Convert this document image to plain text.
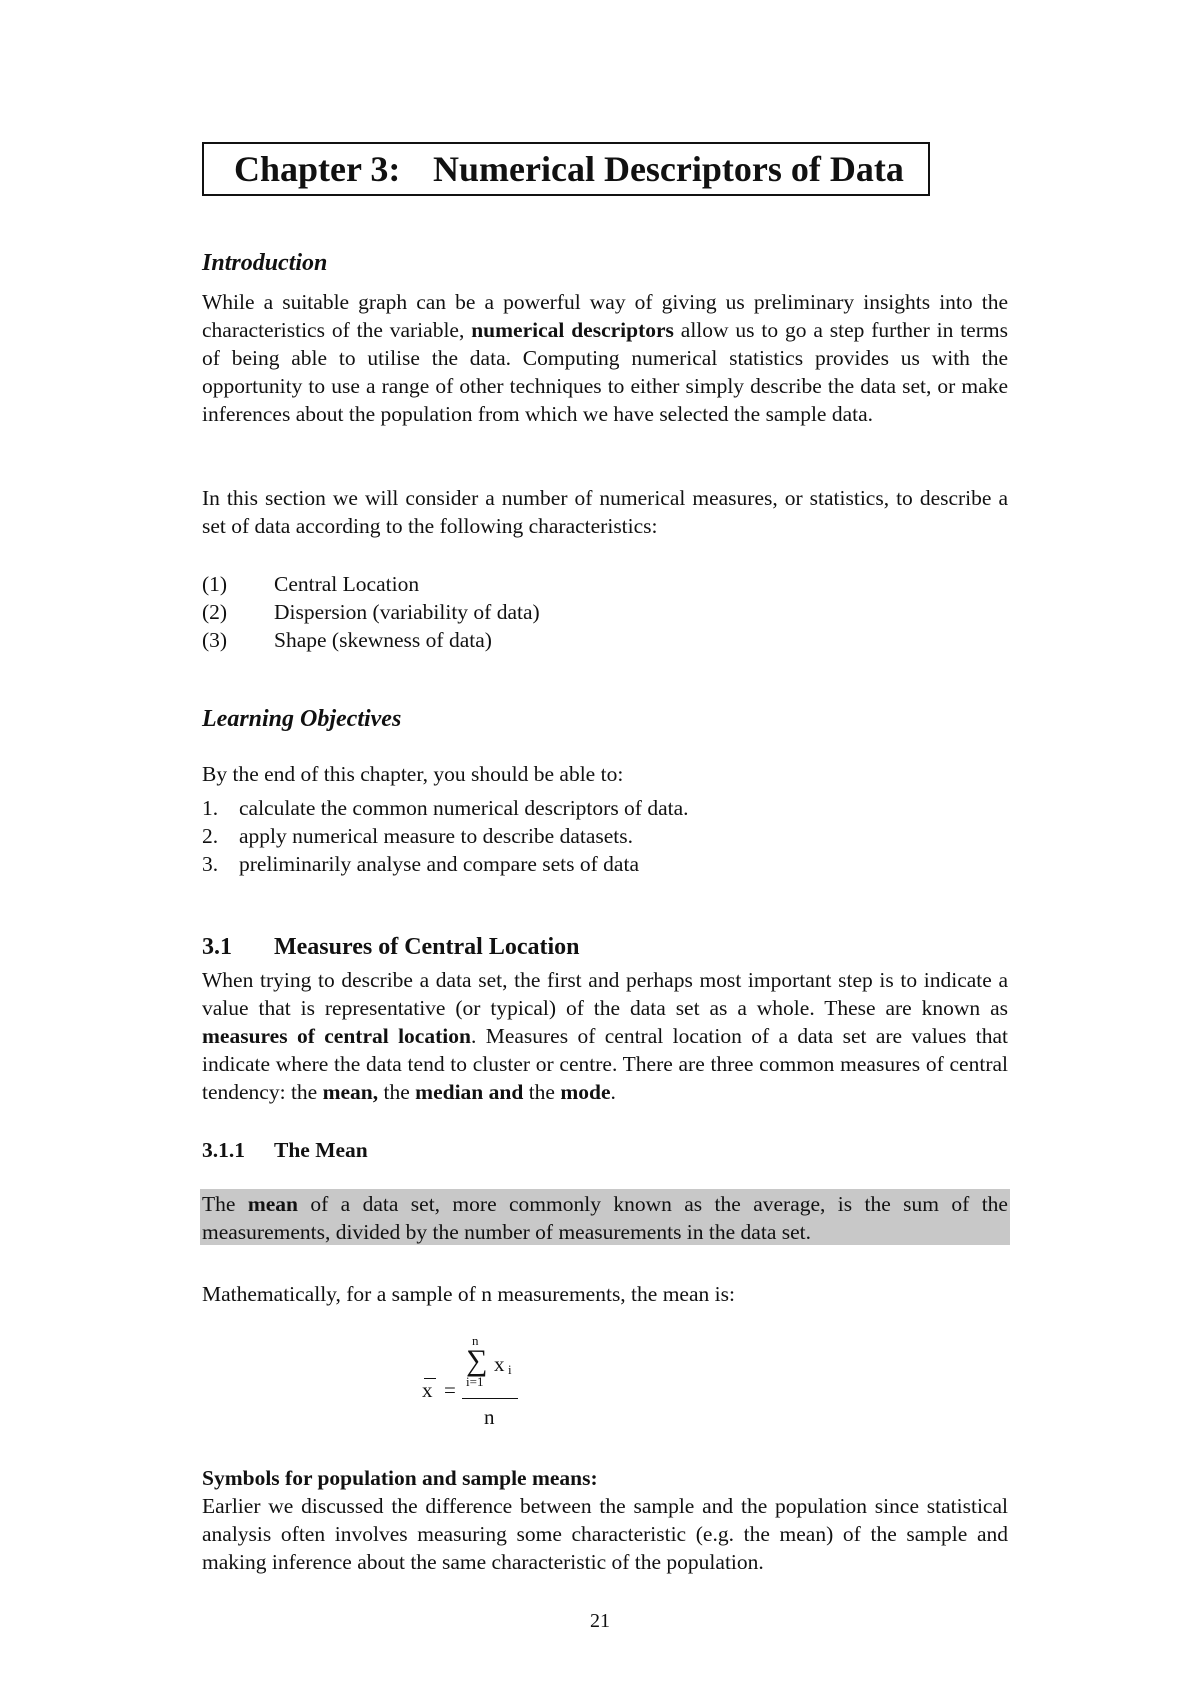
Chapter 3: Numerical Descriptors of Data
Introduction

While a suitable graph can be a powerful way of giving us preliminary insights into the characteristics of the variable, numerical descriptors allow us to go a step further in terms of being able to utilise the data. Computing numerical statistics provides us with the opportunity to use a range of other techniques to either simply describe the data set, or make inferences about the population from which we have selected the sample data.

In this section we will consider a number of numerical measures, or statistics, to describe a set of data according to the following characteristics:

(1)	Central Location
(2)	Dispersion (variability of data)
(3)	Shape (skewness of data)
Learning Objectives

By the end of this chapter, you should be able to:

1. calculate the common numerical descriptors of data.
2. apply numerical measure to describe datasets.
3. preliminarily analyse and compare sets of data
3.1 Measures of Central Location

When trying to describe a data set, the first and perhaps most important step is to indicate a value that is representative (or typical) of the data set as a whole. These are known as measures of central location. Measures of central location of a data set are values that indicate where the data tend to cluster or centre. There are three common measures of central tendency: the mean, the median and the mode.

3.1.1 The Mean

The mean of a data set, more commonly known as the average, is the sum of the measurements, divided by the number of measurements in the data set.

Mathematically, for a sample of n measurements, the mean is:

x =
n
∑
i=1
x i
n

Symbols for population and sample means:

Earlier we discussed the difference between the sample and the population since statistical analysis often involves measuring some characteristic (e.g. the mean) of the sample and making inference about the same characteristic of the population.

21
